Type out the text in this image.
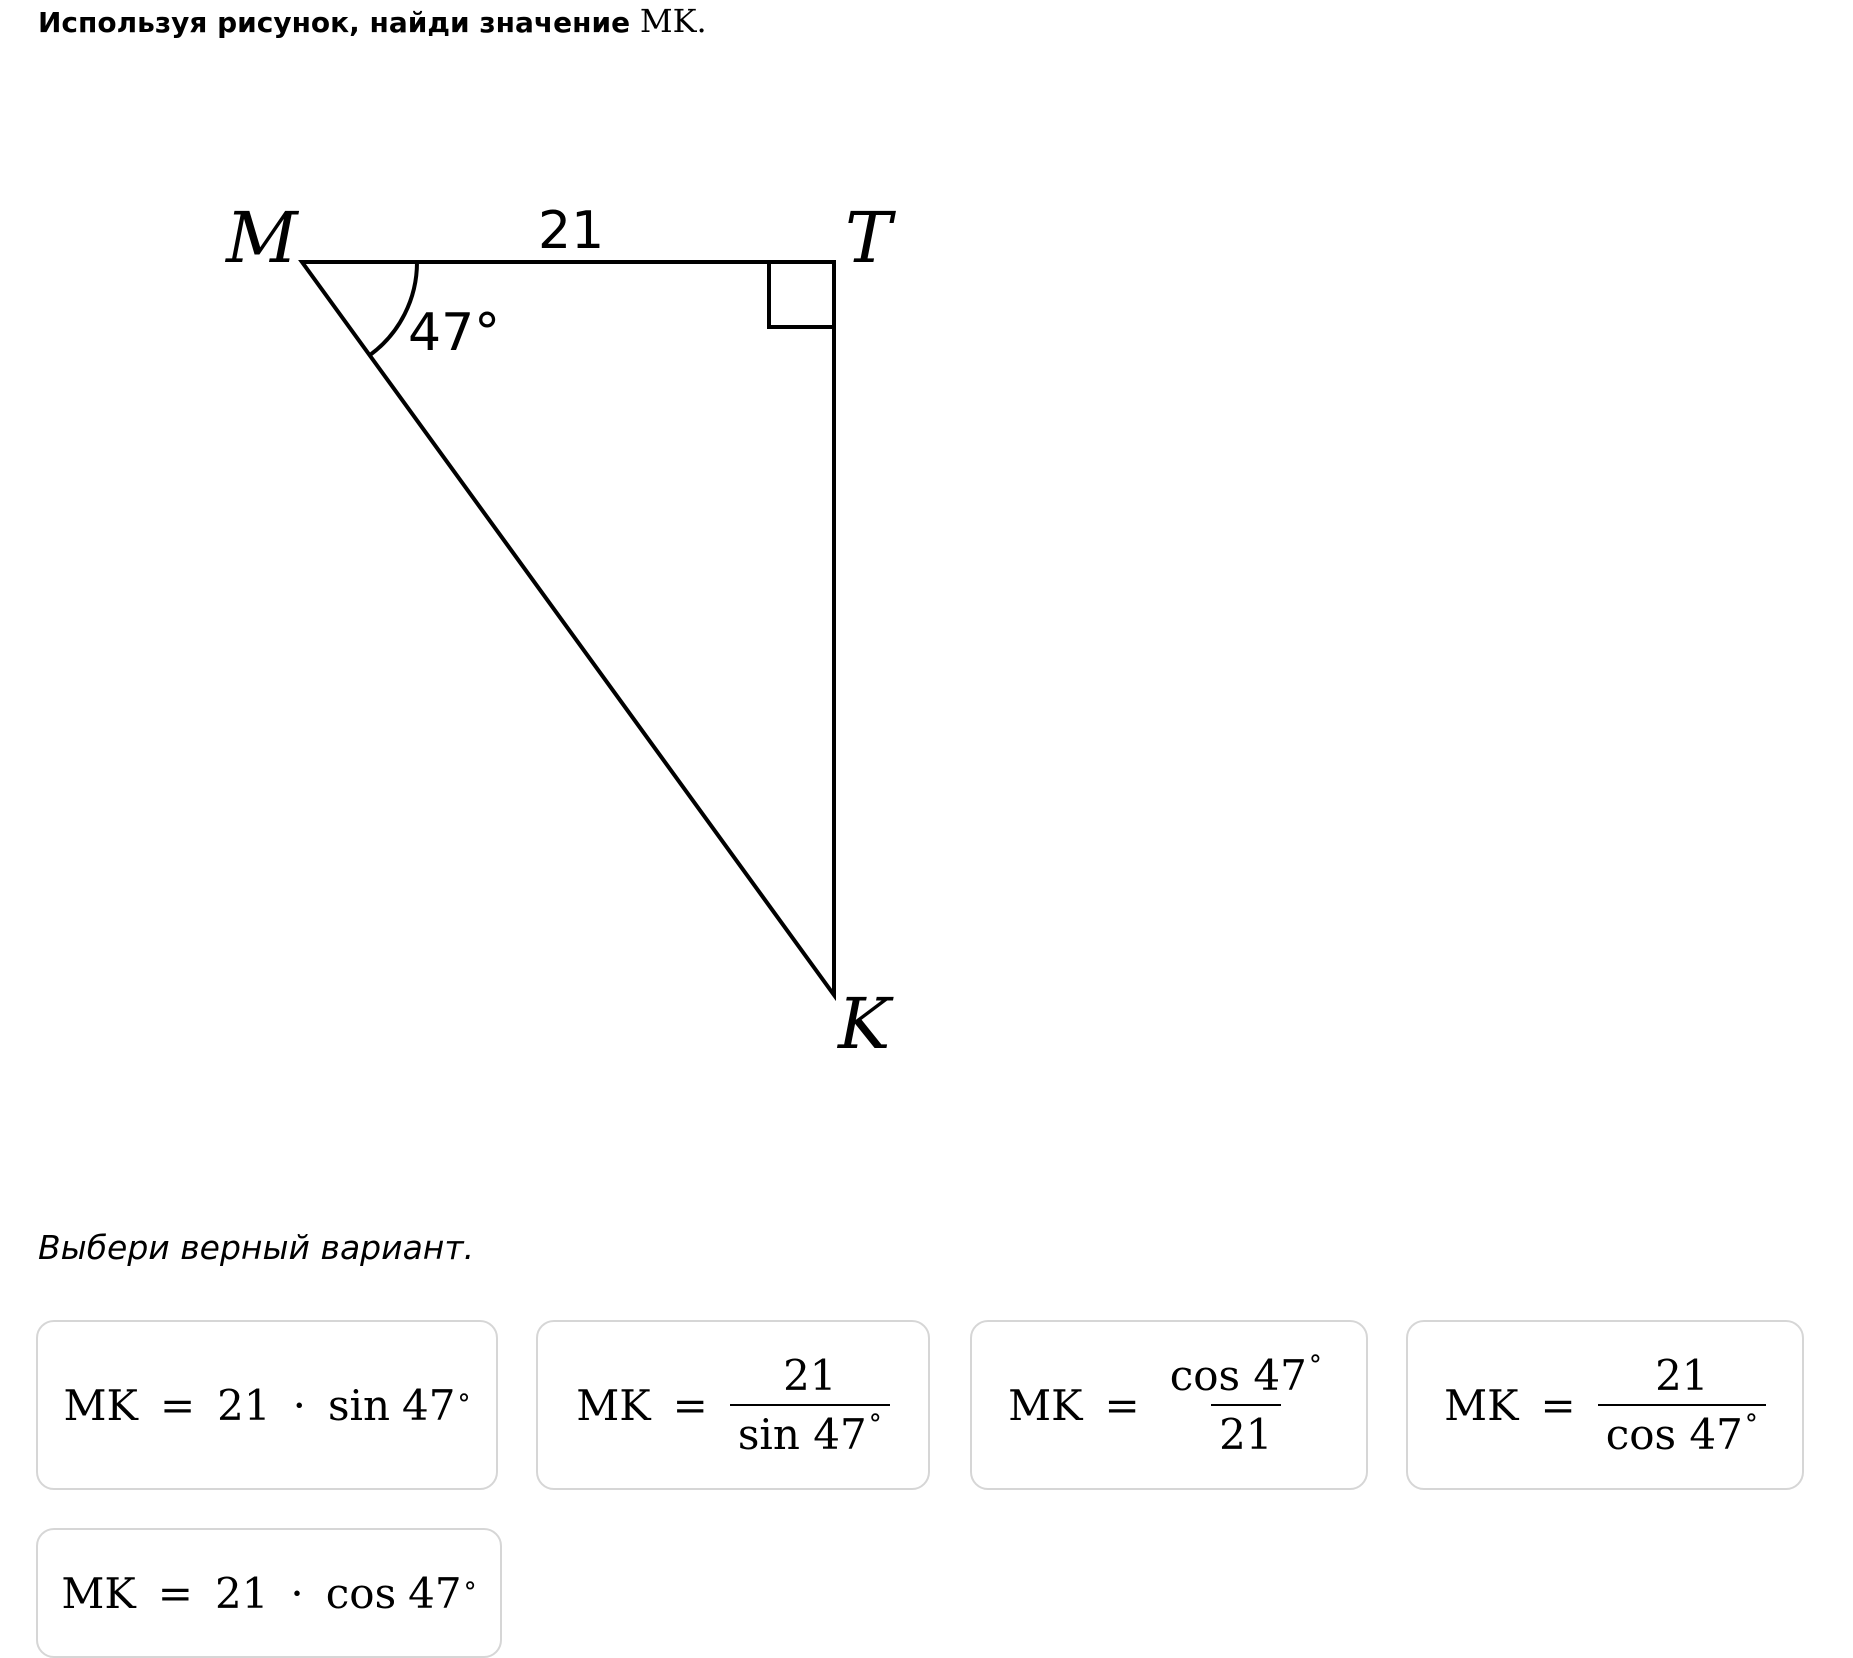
Используя рисунок, найди значение MK.
M	T
K
21
47°
Выбери верный вариант.
MK = 21 · sin 47 °	MK = $\frac{21}{\sin 47^\circ}$	MK = $\frac{\cos 47^\circ}{21}$	MK = $\frac{21}{\cos 47^\circ}$
MK = 21 · cos 47 °
